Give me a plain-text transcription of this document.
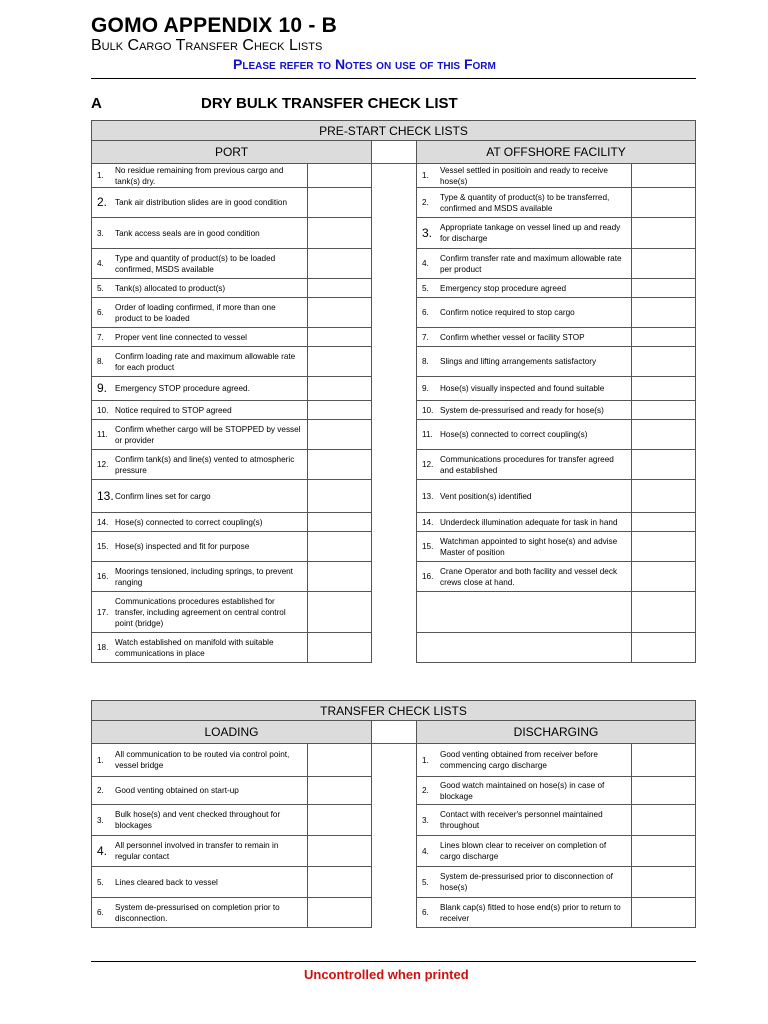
GOMO APPENDIX 10 - B
Bulk Cargo Transfer Check Lists
Please refer to Notes on use of this Form
A	DRY BULK TRANSFER CHECK LIST
PRE-START CHECK LISTS
PORT
1.
No residue remaining from previous cargo and tank(s) dry.
2. Tank air distribution slides are in good condition
3.	Tank access seals are in good condition
4.
Type and quantity of product(s) to be loaded confirmed, MSDS available
5.	Tank(s) allocated to product(s)
6.
Order of loading confirmed, if more than one product to be loaded
7.	Proper vent line connected to vessel
8.
Confirm loading rate and maximum allowable rate for each product
9. Emergency STOP procedure agreed.
10. Notice required to STOP agreed
11.
Confirm whether cargo will be STOPPED by vessel or provider
12.
Confirm tank(s) and line(s) vented to atmospheric pressure
13. Confirm lines set for cargo
14. Hose(s) connected to correct coupling(s)
15. Hose(s) inspected and fit for purpose
16.
Moorings tensioned, including springs, to prevent ranging
17.
Communications procedures established for transfer, including agreement on central control point (bridge)
18.
Watch established on manifold with suitable communications in place
AT OFFSHORE FACILITY
1.
Vessel settled in positioin and ready to receive hose(s)
2.
Type & quantity of product(s) to be transferred, confirmed and MSDS available
3. Appropriate tankage on vessel lined up and ready for discharge
4.
Confirm transfer rate and maximum allowable rate per product
5.	Emergency stop procedure agreed
6.	Confirm notice required to stop cargo
7.	Confirm whether vessel or facility STOP
8.	Slings and lifting arrangements satisfactory
9.	Hose(s) visually inspected and found suitable
10. System de-pressurised and ready for hose(s)
11. Hose(s) connected to correct coupling(s)
12.
Communications procedures for transfer agreed and established
13. Vent position(s) identified
14. Underdeck illumination adequate for task in hand
15.
Watchman appointed to sight hose(s) and advise Master of position
16.
Crane Operator and both facility and vessel deck crews close at hand.
TRANSFER CHECK LISTS
LOADING
1.
All communication to be routed via control point, vessel bridge
2.	Good venting obtained on start-up
3.
Bulk hose(s) and vent checked throughout for blockages
4. All personnel involved in transfer to remain in regular contact
5.	Lines cleared back to vessel
6.
System de-pressurised on completion prior to disconnection.
DISCHARGING
1.
Good venting obtained from receiver before commencing cargo discharge
2.
Good watch maintained on hose(s) in case of blockage
3.
Contact with receiver's personnel maintained throughout
4.
Lines blown clear to receiver on completion of cargo discharge
5.
System de-pressurised prior to disconnection of hose(s)
6.
Blank cap(s) fitted to hose end(s) prior to return to receiver
Uncontrolled when printed
